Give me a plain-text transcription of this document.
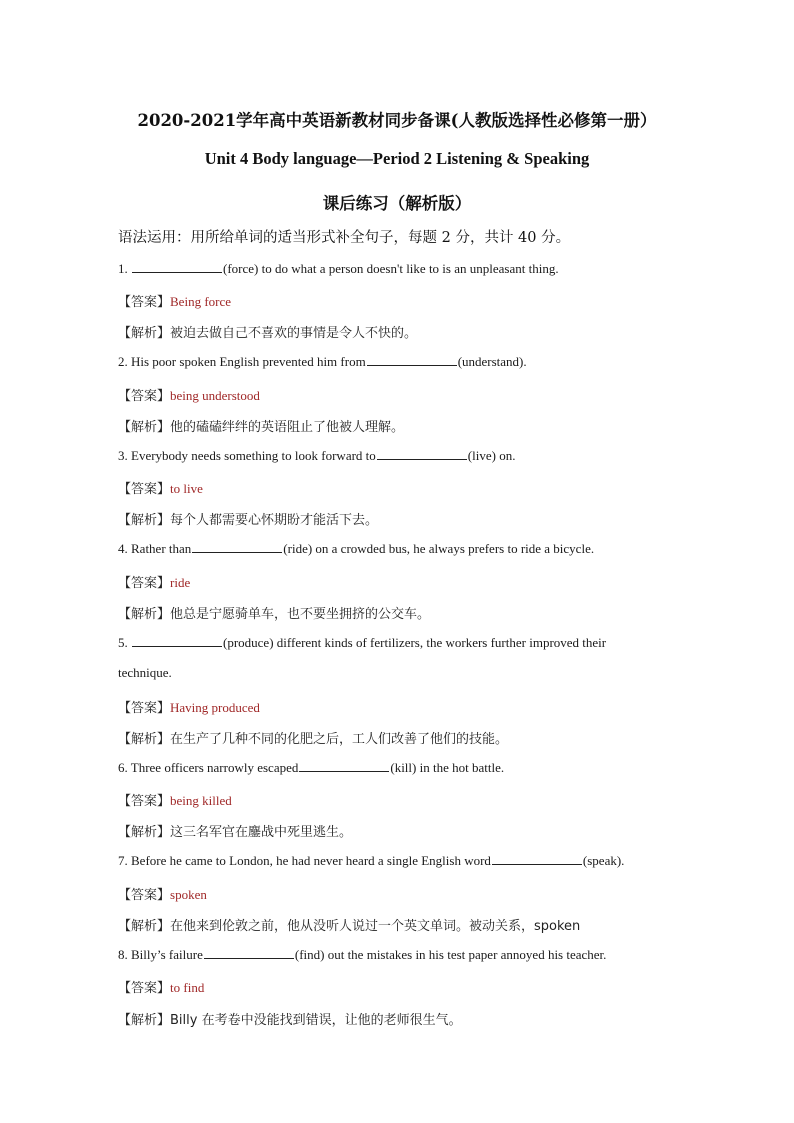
2020-2021学年高中英语新教材同步备课(人教版选择性必修第一册）
Unit 4 Body language—Period 2 Listening & Speaking
课后练习（解析版）
语法运用：用所给单词的适当形式补全句子，每题 2 分，共计 40 分。
1.	(force) to do what a person doesn't like to is an unpleasant thing.
【答案】Being force
【解析】被迫去做自己不喜欢的事情是令人不快的。
2. His poor spoken English prevented him from	(understand).
【答案】being understood
【解析】他的磕磕绊绊的英语阻止了他被人理解。
3. Everybody needs something to look forward to	(live) on.
【答案】to live
【解析】每个人都需要心怀期盼才能活下去。
4. Rather than	(ride) on a crowded bus, he always prefers to ride a bicycle.
【答案】ride
【解析】他总是宁愿骑单车，也不要坐拥挤的公交车。
5.	(produce) different kinds of fertilizers, the workers further improved their
technique.
【答案】Having produced
【解析】在生产了几种不同的化肥之后，工人们改善了他们的技能。
6. Three officers narrowly escaped	(kill) in the hot battle.
【答案】being killed
【解析】这三名军官在鏖战中死里逃生。
7. Before he came to London, he had never heard a single English word	(speak).
【答案】spoken
【解析】在他来到伦敦之前，他从没听人说过一个英文单词。被动关系，spoken
8. Billy’s failure	(find) out the mistakes in his test paper annoyed his teacher.
【答案】to find
【解析】Billy 在考卷中没能找到错误，让他的老师很生气。
